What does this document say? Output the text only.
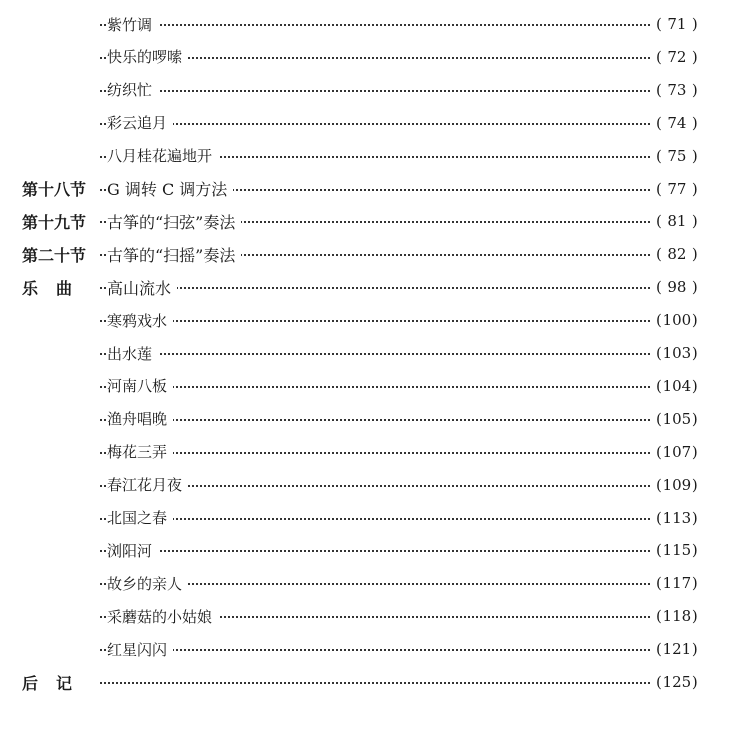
紫竹调	( 71 )
快乐的啰嗦	( 72 )
纺织忙	( 73 )
彩云追月	( 74 )
八月桂花遍地开	( 75 )
第十八节 G 调转 C 调方法	( 77 )
第十九节 古筝的“扫弦”奏法	( 81 )
第二十节 古筝的“扫摇”奏法	( 82 )
乐曲 高山流水	( 98 )
寒鸦戏水	(100)
出水莲	(103)
河南八板	(104)
渔舟唱晚	(105)
梅花三弄	(107)
春江花月夜	(109)
北国之春	(113)
浏阳河	(115)
故乡的亲人	(117)
采蘑菇的小姑娘	(118)
红星闪闪	(121)
后记	(125)
